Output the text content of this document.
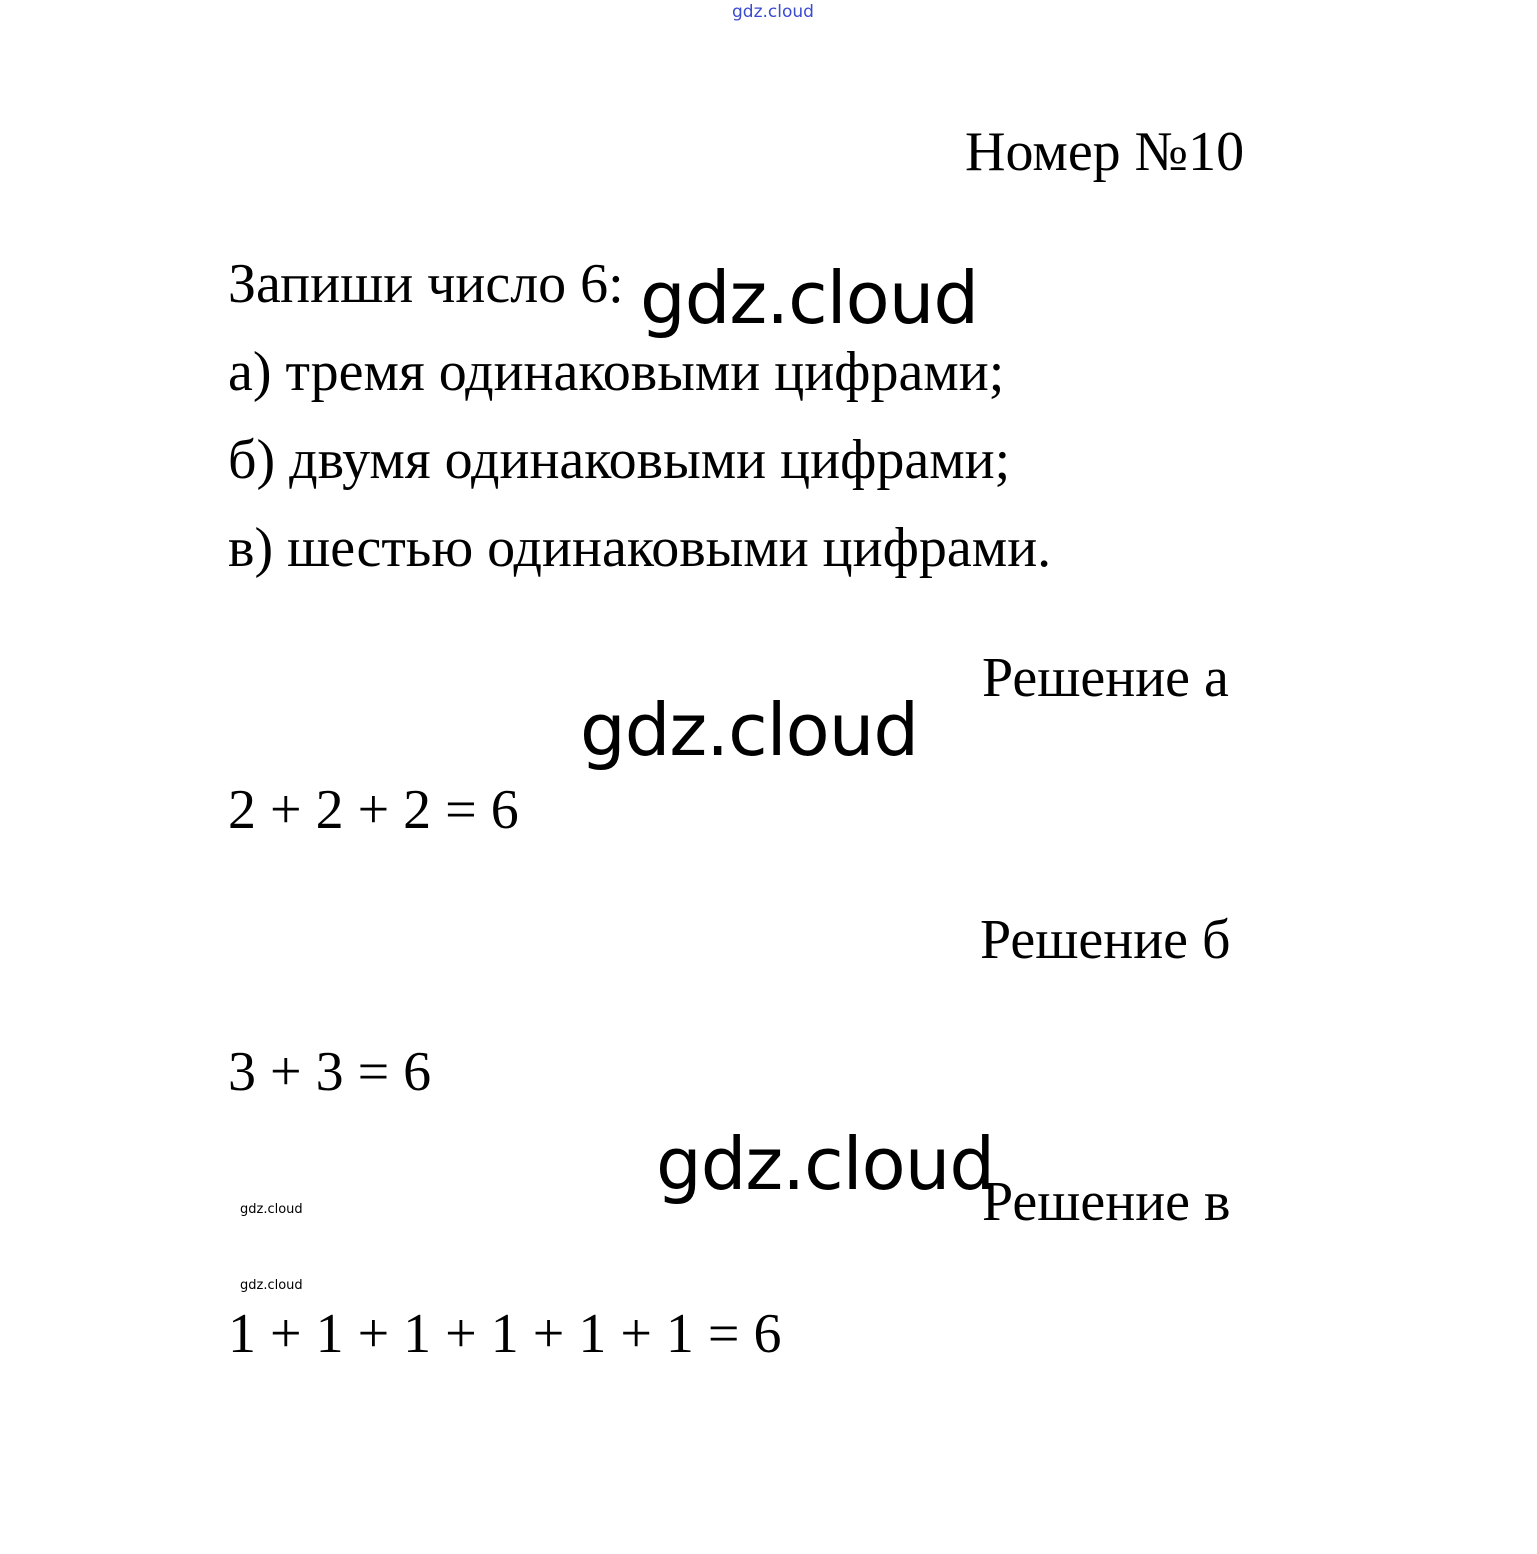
gdz.cloud
Номер №10
Запиши число 6: gdz.cloud
а) тремя одинаковыми цифрами;
б) двумя одинаковыми цифрами;
в) шестью одинаковыми цифрами.
Решение а
gdz.cloud
2 + 2 + 2 = 6
Решение б
3 + 3 = 6
gdz.cloud
Решение в
gdz.cloud
gdz.cloud
1 + 1 + 1 + 1 + 1 + 1 = 6
